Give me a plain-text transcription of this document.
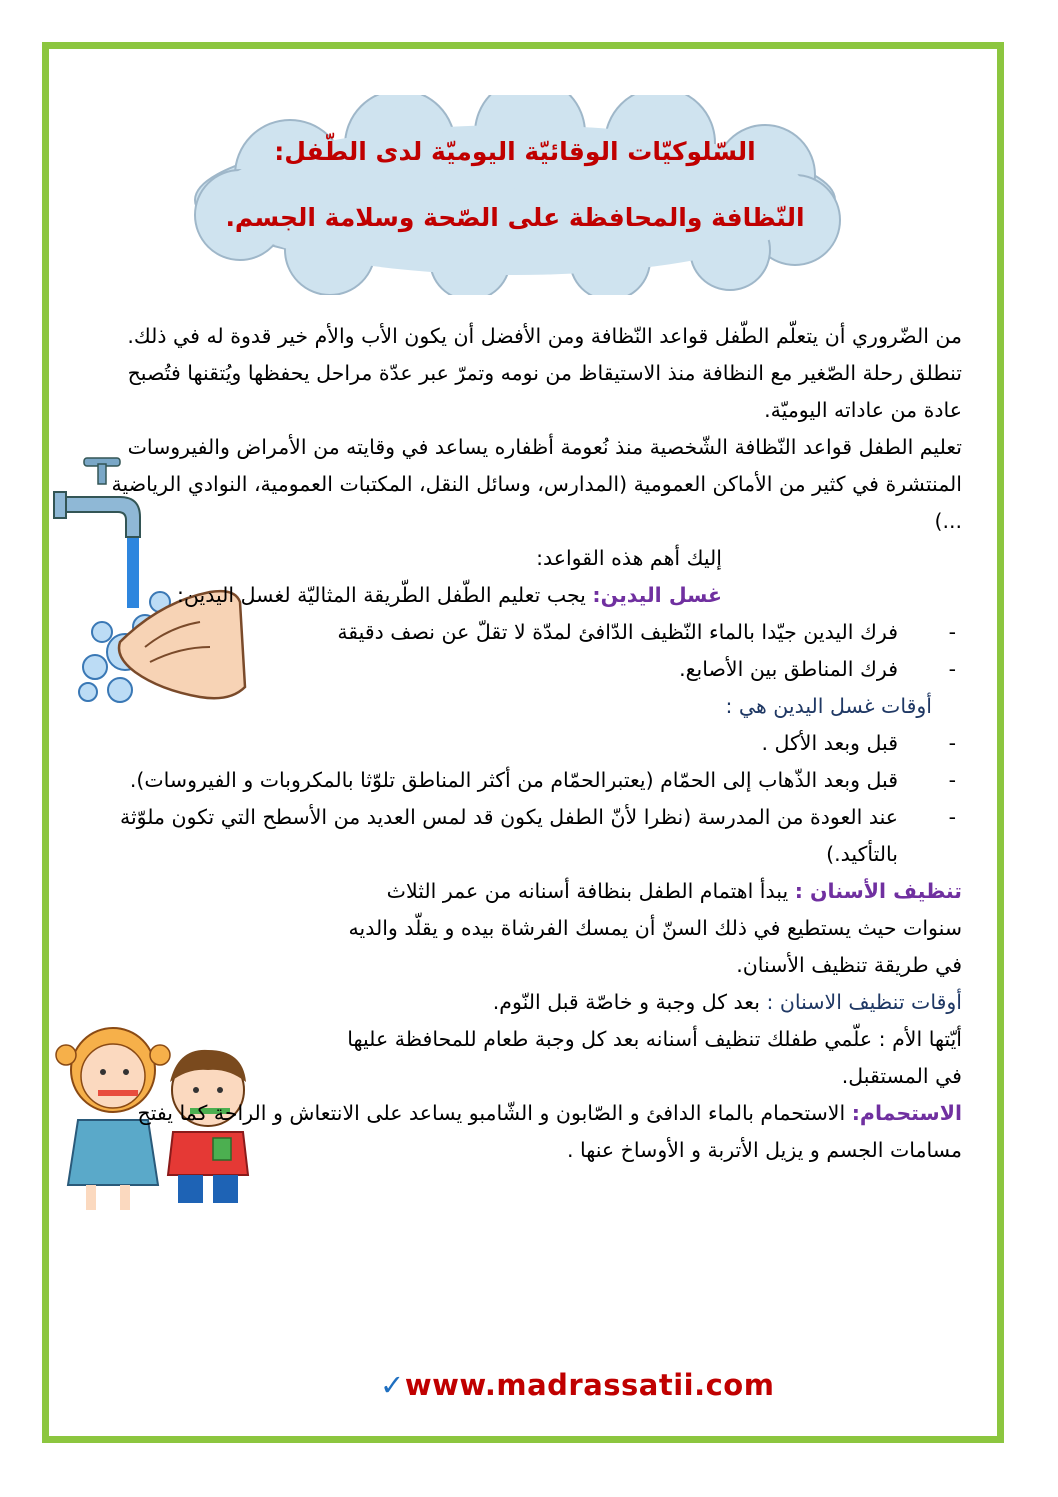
السّلوكيّات الوقائيّة اليوميّة لدى الطّفل:
النّظافة والمحافظة على الصّحة وسلامة الجسم.

من الضّروري أن يتعلّم الطّفل قواعد النّظافة ومن الأفضل أن يكون الأب والأم خير قدوة له في ذلك.

تنطلق رحلة الصّغير مع النظافة منذ الاستيقاظ من نومه وتمرّ عبر عدّة مراحل يحفظها ويُتقنها فتُصبح عادة من عاداته اليوميّة.

تعليم الطفل قواعد النّظافة الشّخصية منذ نُعومة أظفاره يساعد في وقايته من الأمراض والفيروسات المنتشرة في كثير من الأماكن العمومية (المدارس، وسائل النقل، المكتبات العمومية، النوادي الرياضية ...)

إليك أهم هذه القواعد:

غسل اليدين: يجب تعليم الطّفل الطّريقة المثاليّة لغسل اليدين:

-
فرك اليدين جيّدا بالماء النّظيف الدّافئ لمدّة لا تقلّ عن نصف دقيقة

-
فرك المناطق بين الأصابع.

أوقات غسل اليدين هي :

-
قبل وبعد الأكل .

-
قبل وبعد الذّهاب إلى الحمّام (يعتبرالحمّام من أكثر المناطق تلوّثا بالمكروبات و الفيروسات).

-
عند العودة من المدرسة (نظرا لأنّ الطفل يكون قد لمس العديد من الأسطح التي تكون ملوّثة بالتأكيد.)

تنظيف الأسنان : يبدأ اهتمام الطفل بنظافة أسنانه من عمر الثلاث سنوات حيث يستطيع في ذلك السنّ أن يمسك الفرشاة بيده و يقلّد والديه في طريقة تنظيف الأسنان.

أوقات تنظيف الاسنان : بعد كل وجبة و خاصّة قبل النّوم.

أيّتها الأم : علّمي طفلك تنظيف أسنانه بعد كل وجبة طعام للمحافظة عليها في المستقبل.

الاستحمام: الاستحمام بالماء الدافئ و الصّابون و الشّامبو يساعد على الانتعاش و الراحة كما يفتح مسامات الجسم و يزيل الأتربة و الأوساخ عنها .

✓www.madrassatii.com
